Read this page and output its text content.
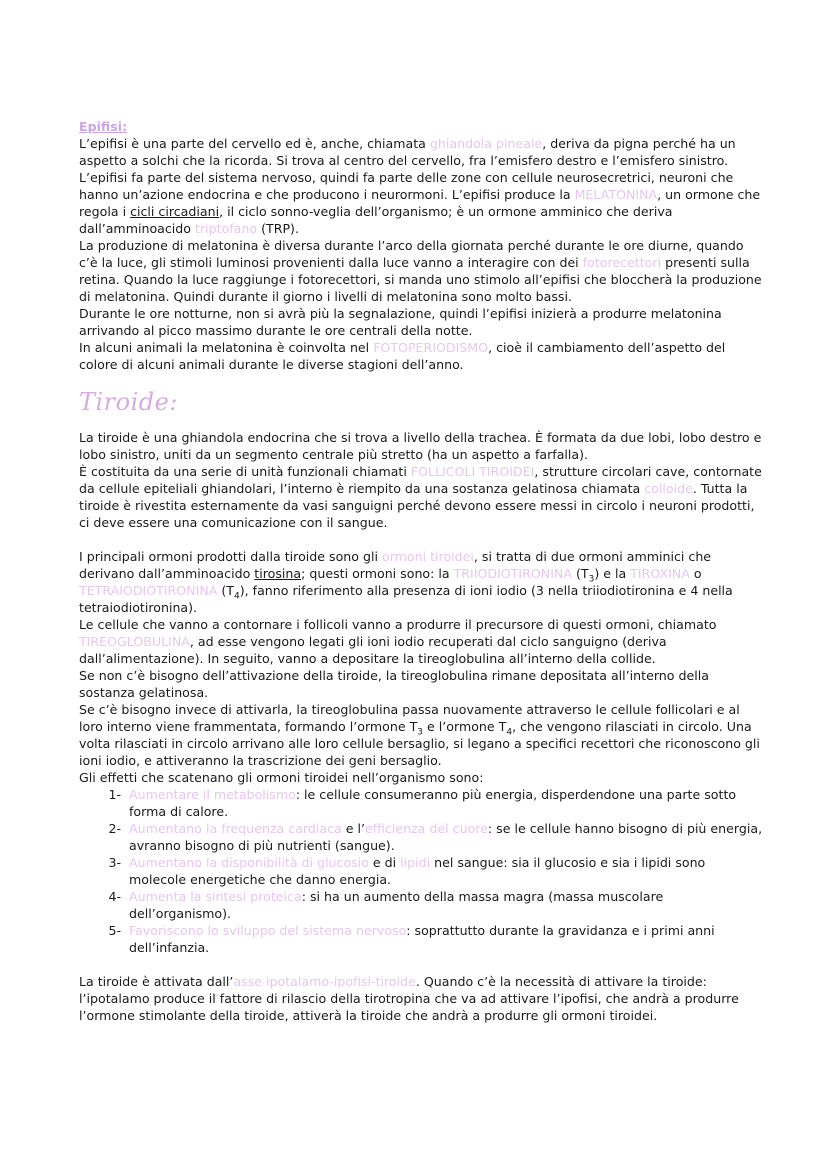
Epifisi:

L’epifisi è una parte del cervello ed è, anche, chiamata ghiandola pineale, deriva da pigna perché ha un aspetto a solchi che la ricorda. Si trova al centro del cervello, fra l’emisfero destro e l’emisfero sinistro.

L’epifisi fa parte del sistema nervoso, quindi fa parte delle zone con cellule neurosecretrici, neuroni che hanno un’azione endocrina e che producono i neurormoni. L’epifisi produce la MELATONINA, un ormone che regola i cicli circadiani, il ciclo sonno-veglia dell’organismo; è un ormone amminico che deriva dall’amminoacido triptofano (TRP).

La produzione di melatonina è diversa durante l’arco della giornata perché durante le ore diurne, quando c’è la luce, gli stimoli luminosi provenienti dalla luce vanno a interagire con dei fotorecettori presenti sulla retina. Quando la luce raggiunge i fotorecettori, si manda uno stimolo all’epifisi che bloccherà la produzione di melatonina. Quindi durante il giorno i livelli di melatonina sono molto bassi.

Durante le ore notturne, non si avrà più la segnalazione, quindi l’epifisi inizierà a produrre melatonina arrivando al picco massimo durante le ore centrali della notte.

In alcuni animali la melatonina è coinvolta nel FOTOPERIODISMO, cioè il cambiamento dell’aspetto del colore di alcuni animali durante le diverse stagioni dell’anno.

Tiroide:

La tiroide è una ghiandola endocrina che si trova a livello della trachea. È formata da due lobi, lobo destro e lobo sinistro, uniti da un segmento centrale più stretto (ha un aspetto a farfalla).

È costituita da una serie di unità funzionali chiamati FOLLICOLI TIROIDEI, strutture circolari cave, contornate da cellule epiteliali ghiandolari, l’interno è riempito da una sostanza gelatinosa chiamata colloide. Tutta la tiroide è rivestita esternamente da vasi sanguigni perché devono essere messi in circolo i neuroni prodotti, ci deve essere una comunicazione con il sangue.

I principali ormoni prodotti dalla tiroide sono gli ormoni tiroidei, si tratta di due ormoni amminici che derivano dall’amminoacido tirosina; questi ormoni sono: la TRIIODIOTIRONINA $(T_3)$ e la TIROXINA o TETRAIODIOTIRONINA $(T_4)$, fanno riferimento alla presenza di ioni iodio (3 nella triiodiotironina e 4 nella tetraiodiotironina).

Le cellule che vanno a contornare i follicoli vanno a produrre il precursore di questi ormoni, chiamato TIREOGLOBULINA, ad esse vengono legati gli ioni iodio recuperati dal ciclo sanguigno (deriva dall’alimentazione). In seguito, vanno a depositare la tireoglobulina all’interno della collide.

Se non c’è bisogno dell’attivazione della tiroide, la tireoglobulina rimane depositata all’interno della sostanza gelatinosa.

Se c’è bisogno invece di attivarla, la tireoglobulina passa nuovamente attraverso le cellule follicolari e al loro interno viene frammentata, formando l’ormone $T_3$ e l’ormone $T_4$, che vengono rilasciati in circolo. Una volta rilasciati in circolo arrivano alle loro cellule bersaglio, si legano a specifici recettori che riconoscono gli ioni iodio, e attiveranno la trascrizione dei geni bersaglio.

Gli effetti che scatenano gli ormoni tiroidei nell’organismo sono:

1- Aumentare il metabolismo: le cellule consumeranno più energia, disperdendone una parte sotto forma di calore.
2- Aumentano la frequenza cardiaca e l’efficienza del cuore: se le cellule hanno bisogno di più energia, avranno bisogno di più nutrienti (sangue).
3- Aumentano la disponibilità di glucosio e di lipidi nel sangue: sia il glucosio e sia i lipidi sono molecole energetiche che danno energia.
4- Aumenta la sintesi proteica: si ha un aumento della massa magra (massa muscolare dell’organismo).
5- Favoriscono lo sviluppo del sistema nervoso: soprattutto durante la gravidanza e i primi anni dell’infanzia.

La tiroide è attivata dall’asse ipotalamo-ipofisi-tiroide. Quando c’è la necessità di attivare la tiroide: l’ipotalamo produce il fattore di rilascio della tirotropina che va ad attivare l’ipofisi, che andrà a produrre l’ormone stimolante della tiroide, attiverà la tiroide che andrà a produrre gli ormoni tiroidei.
